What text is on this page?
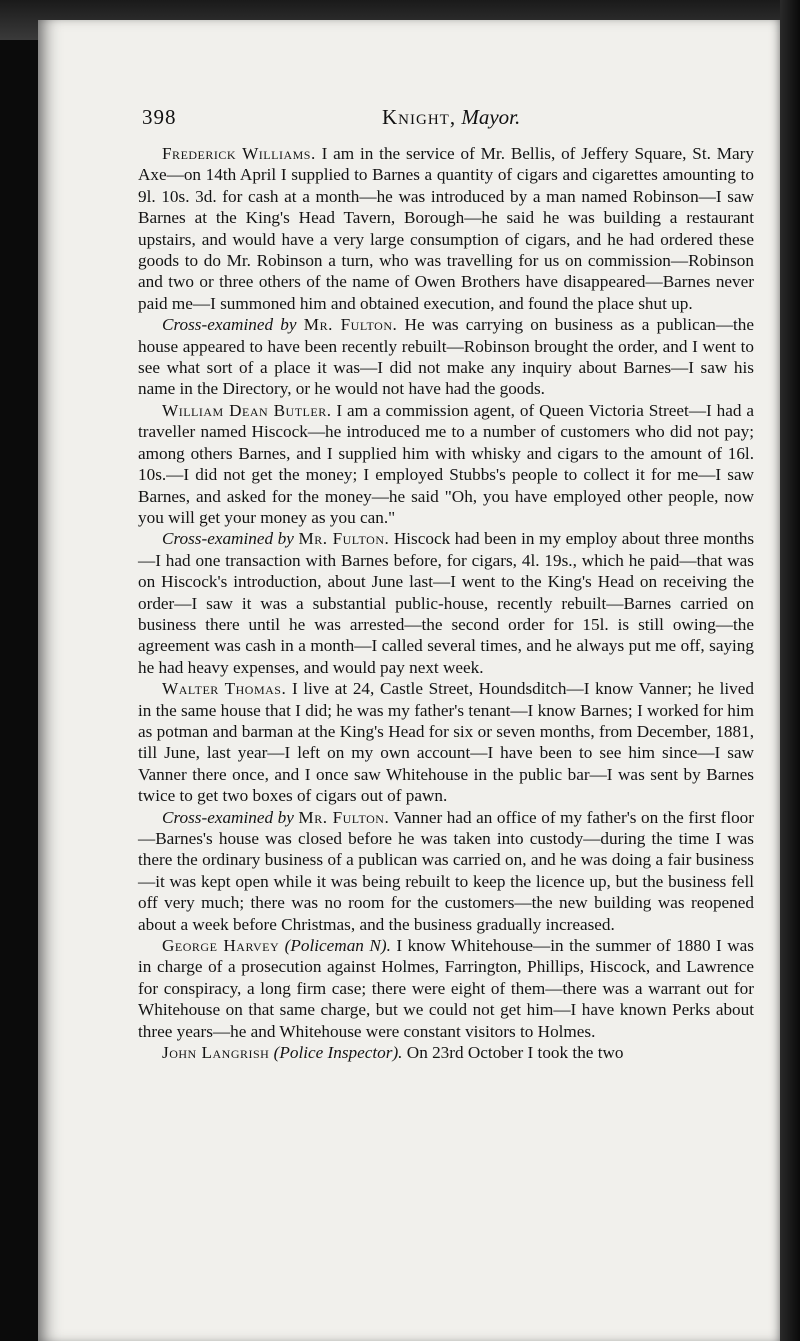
398	Knight, Mayor.

Frederick Williams. I am in the service of Mr. Bellis, of Jeffery Square, St. Mary Axe—on 14th April I supplied to Barnes a quantity of cigars and cigarettes amounting to 9l. 10s. 3d. for cash at a month—he was introduced by a man named Robinson—I saw Barnes at the King's Head Tavern, Borough—he said he was building a restaurant upstairs, and would have a very large consumption of cigars, and he had ordered these goods to do Mr. Robinson a turn, who was travelling for us on commission—Robinson and two or three others of the name of Owen Brothers have disappeared—Barnes never paid me—I summoned him and obtained execution, and found the place shut up.

Cross-examined by Mr. Fulton. He was carrying on business as a publican—the house appeared to have been recently rebuilt—Robinson brought the order, and I went to see what sort of a place it was—I did not make any inquiry about Barnes—I saw his name in the Directory, or he would not have had the goods.

William Dean Butler. I am a commission agent, of Queen Victoria Street—I had a traveller named Hiscock—he introduced me to a number of customers who did not pay; among others Barnes, and I supplied him with whisky and cigars to the amount of 16l. 10s.—I did not get the money; I employed Stubbs's people to collect it for me—I saw Barnes, and asked for the money—he said "Oh, you have employed other people, now you will get your money as you can."

Cross-examined by Mr. Fulton. Hiscock had been in my employ about three months—I had one transaction with Barnes before, for cigars, 4l. 19s., which he paid—that was on Hiscock's introduction, about June last—I went to the King's Head on receiving the order—I saw it was a substantial public-house, recently rebuilt—Barnes carried on business there until he was arrested—the second order for 15l. is still owing—the agreement was cash in a month—I called several times, and he always put me off, saying he had heavy expenses, and would pay next week.

Walter Thomas. I live at 24, Castle Street, Houndsditch—I know Vanner; he lived in the same house that I did; he was my father's tenant—I know Barnes; I worked for him as potman and barman at the King's Head for six or seven months, from December, 1881, till June, last year—I left on my own account—I have been to see him since—I saw Vanner there once, and I once saw Whitehouse in the public bar—I was sent by Barnes twice to get two boxes of cigars out of pawn.

Cross-examined by Mr. Fulton. Vanner had an office of my father's on the first floor—Barnes's house was closed before he was taken into custody—during the time I was there the ordinary business of a publican was carried on, and he was doing a fair business—it was kept open while it was being rebuilt to keep the licence up, but the business fell off very much; there was no room for the customers—the new building was reopened about a week before Christmas, and the business gradually increased.

George Harvey (Policeman N). I know Whitehouse—in the summer of 1880 I was in charge of a prosecution against Holmes, Farrington, Phillips, Hiscock, and Lawrence for conspiracy, a long firm case; there were eight of them—there was a warrant out for Whitehouse on that same charge, but we could not get him—I have known Perks about three years—he and Whitehouse were constant visitors to Holmes.

John Langrish (Police Inspector). On 23rd October I took the two
